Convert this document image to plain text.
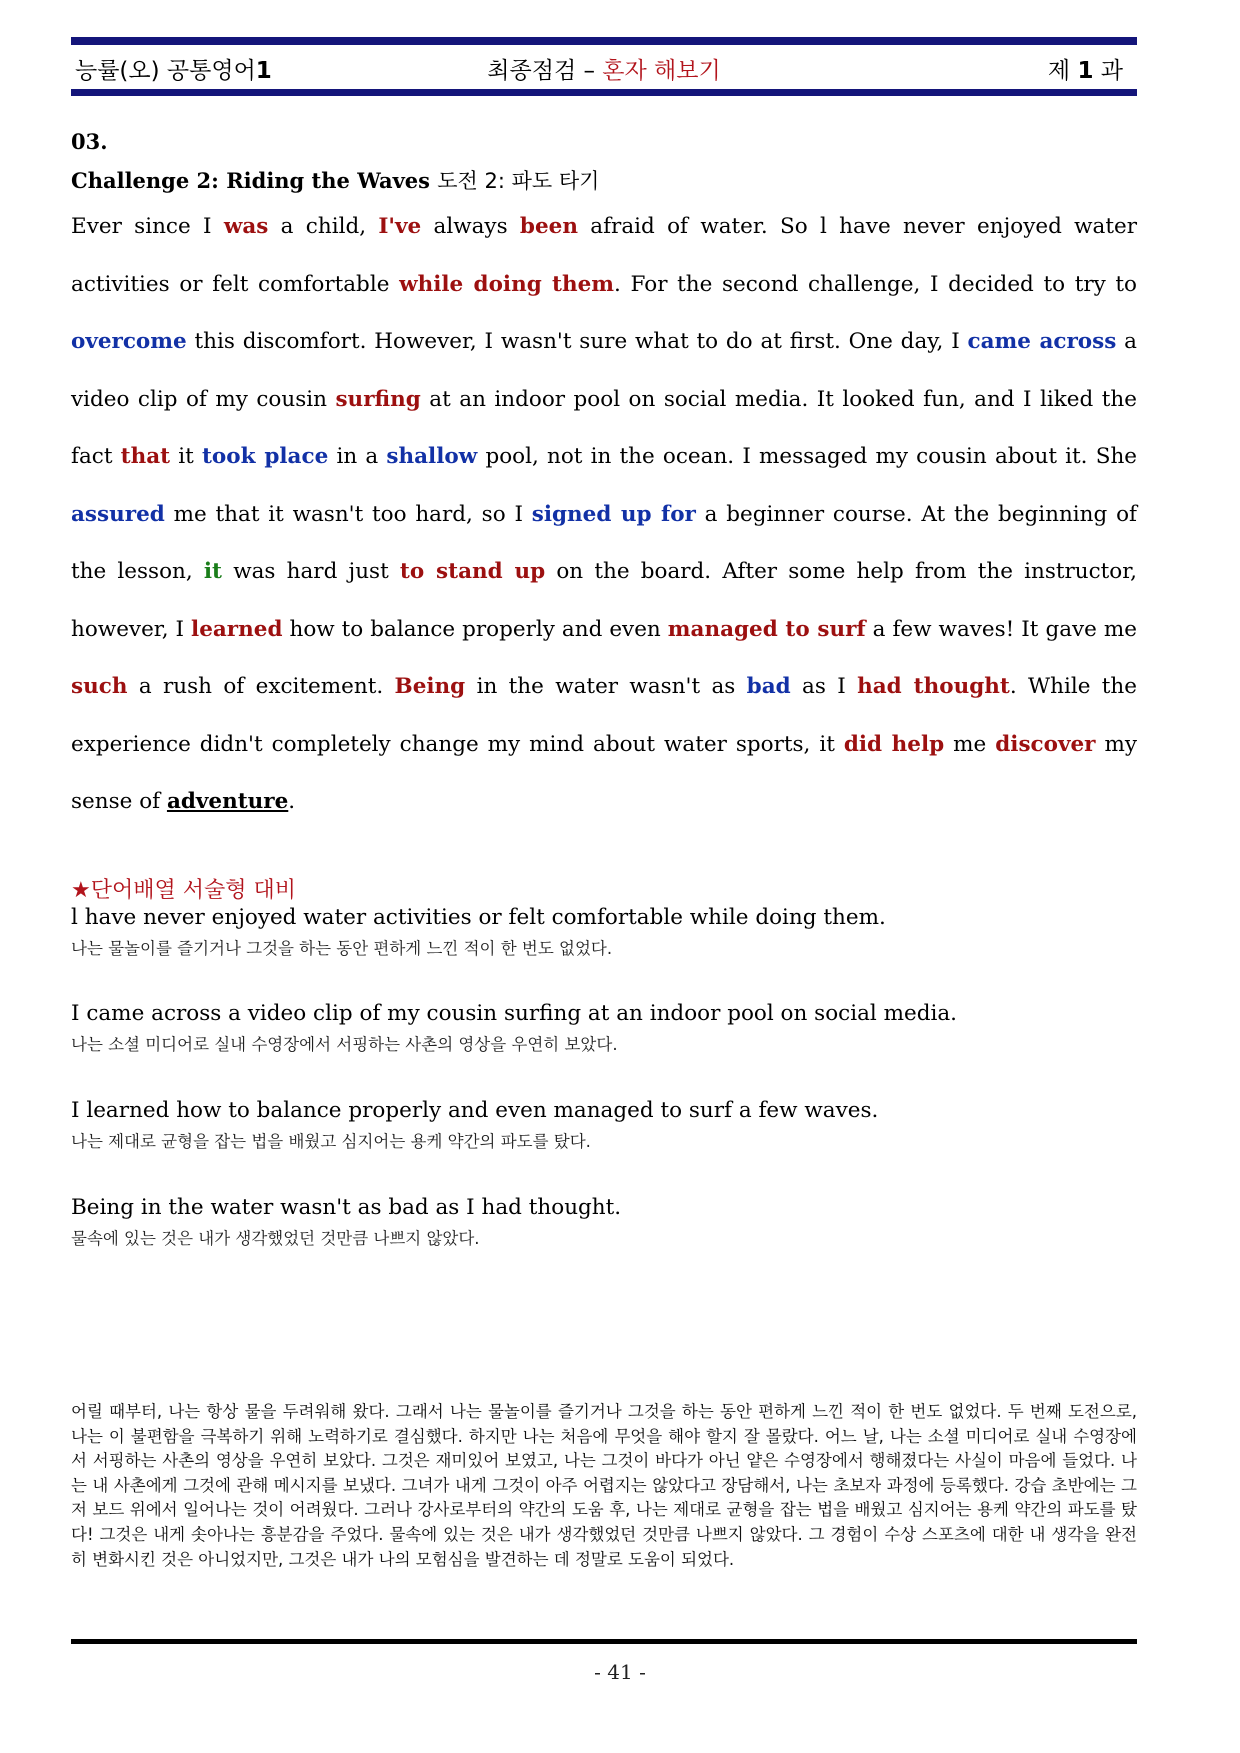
능률(오) 공통영어1	최종점검 – 혼자 해보기	제 1 과
03.
Challenge 2: Riding the Waves 도전 2: 파도 타기
Ever since I was a child, I've always been afraid of water. So l have never enjoyed water activities or felt comfortable while doing them. For the second challenge, I decided to try to overcome this discomfort. However, I wasn't sure what to do at first. One day, I came across a video clip of my cousin surfing at an indoor pool on social media. It looked fun, and I liked the fact that it took place in a shallow pool, not in the ocean. I messaged my cousin about it. She assured me that it wasn't too hard, so I signed up for a beginner course. At the beginning of the lesson, it was hard just to stand up on the board. After some help from the instructor, however, I learned how to balance properly and even managed to surf a few waves! It gave me such a rush of excitement. Being in the water wasn't as bad as I had thought. While the experience didn't completely change my mind about water sports, it did help me discover my sense of adventure.
★단어배열 서술형 대비
l have never enjoyed water activities or felt comfortable while doing them.
나는 물놀이를 즐기거나 그것을 하는 동안 편하게 느낀 적이 한 번도 없었다.
I came across a video clip of my cousin surfing at an indoor pool on social media.
나는 소셜 미디어로 실내 수영장에서 서핑하는 사촌의 영상을 우연히 보았다.
I learned how to balance properly and even managed to surf a few waves.
나는 제대로 균형을 잡는 법을 배웠고 심지어는 용케 약간의 파도를 탔다.
Being in the water wasn't as bad as I had thought.
물속에 있는 것은 내가 생각했었던 것만큼 나쁘지 않았다.
어릴 때부터, 나는 항상 물을 두려워해 왔다. 그래서 나는 물놀이를 즐기거나 그것을 하는 동안 편하게 느낀 적이 한 번도 없었다. 두 번째 도전으로, 나는 이 불편함을 극복하기 위해 노력하기로 결심했다. 하지만 나는 처음에 무엇을 해야 할지 잘 몰랐다. 어느 날, 나는 소셜 미디어로 실내 수영장에서 서핑하는 사촌의 영상을 우연히 보았다. 그것은 재미있어 보였고, 나는 그것이 바다가 아닌 얕은 수영장에서 행해졌다는 사실이 마음에 들었다. 나는 내 사촌에게 그것에 관해 메시지를 보냈다. 그녀가 내게 그것이 아주 어렵지는 않았다고 장담해서, 나는 초보자 과정에 등록했다. 강습 초반에는 그저 보드 위에서 일어나는 것이 어려웠다. 그러나 강사로부터의 약간의 도움 후, 나는 제대로 균형을 잡는 법을 배웠고 심지어는 용케 약간의 파도를 탔다! 그것은 내게 솟아나는 흥분감을 주었다. 물속에 있는 것은 내가 생각했었던 것만큼 나쁘지 않았다. 그 경험이 수상 스포츠에 대한 내 생각을 완전히 변화시킨 것은 아니었지만, 그것은 내가 나의 모험심을 발견하는 데 정말로 도움이 되었다.
- 41 -
